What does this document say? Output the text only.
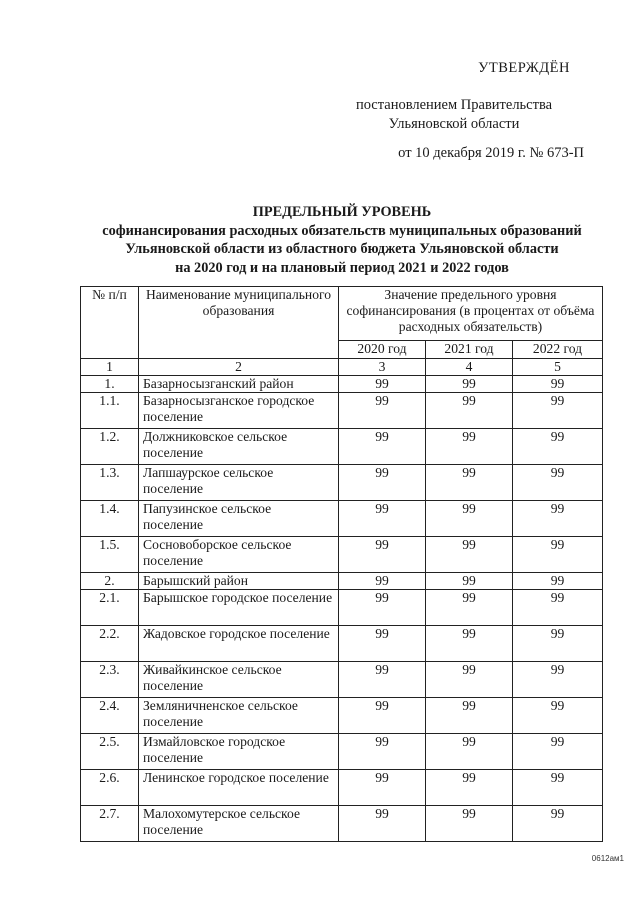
УТВЕРЖДЁН
постановлением Правительства Ульяновской области
от 10 декабря 2019 г. № 673-П
ПРЕДЕЛЬНЫЙ УРОВЕНЬ
софинансирования расходных обязательств муниципальных образований
Ульяновской области из областного бюджета Ульяновской области
на 2020 год и на плановый период 2021 и 2022 годов
№ п/п	Наименование муниципального образования	Значение предельного уровня софинансирования (в процентах от объёма расходных обязательств)		
		2020 год	2021 год	2022 год
1	2	3	4	5
1.	Базарносызганский район	99	99	99
1.1.	Базарносызганское городское поселение	99	99	99
1.2.	Должниковское сельское поселение	99	99	99
1.3.	Лапшаурское сельское поселение	99	99	99
1.4.	Папузинское сельское поселение	99	99	99
1.5.	Сосновоборское сельское поселение	99	99	99
2.	Барышский район	99	99	99
2.1.	Барышское городское поселение	99	99	99
2.2.	Жадовское городское поселение	99	99	99
2.3.	Живайкинское сельское поселение	99	99	99
2.4.	Земляничненское сельское поселение	99	99	99
2.5.	Измайловское городское поселение	99	99	99
2.6.	Ленинское городское поселение	99	99	99
2.7.	Малохомутерское сельское поселение	99	99	99
0612ам1
